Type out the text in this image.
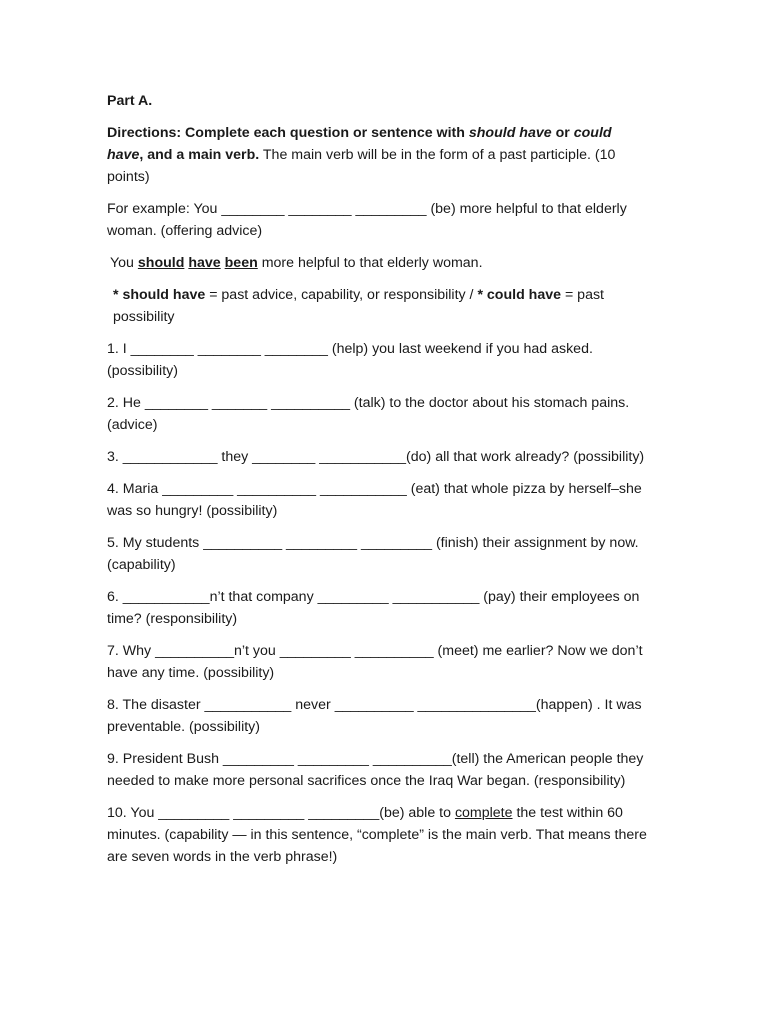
Part A.

Directions: Complete each question or sentence with should have or could have, and a main verb. The main verb will be in the form of a past participle. (10 points)

For example: You ________ ________ _________ (be) more helpful to that elderly woman. (offering advice)

You should have been more helpful to that elderly woman.

* should have = past advice, capability, or responsibility / * could have = past possibility

1. I ________ ________ ________ (help) you last weekend if you had asked. (possibility)

2. He ________ _______ __________ (talk) to the doctor about his stomach pains. (advice)

3. ____________ they ________ ___________(do) all that work already? (possibility)

4. Maria _________ __________ ___________ (eat) that whole pizza by herself–she was so hungry! (possibility)

5. My students __________ _________ _________ (finish) their assignment by now. (capability)

6. ___________n’t that company _________ ___________ (pay) their employees on time? (responsibility)

7. Why __________n’t you _________ __________ (meet) me earlier? Now we don’t have any time. (possibility)

8. The disaster ___________ never __________ _______________(happen) . It was preventable. (possibility)

9. President Bush _________ _________ __________(tell) the American people they needed to make more personal sacrifices once the Iraq War began. (responsibility)

10. You _________ _________ _________(be) able to complete the test within 60 minutes. (capability — in this sentence, “complete” is the main verb. That means there are seven words in the verb phrase!)
